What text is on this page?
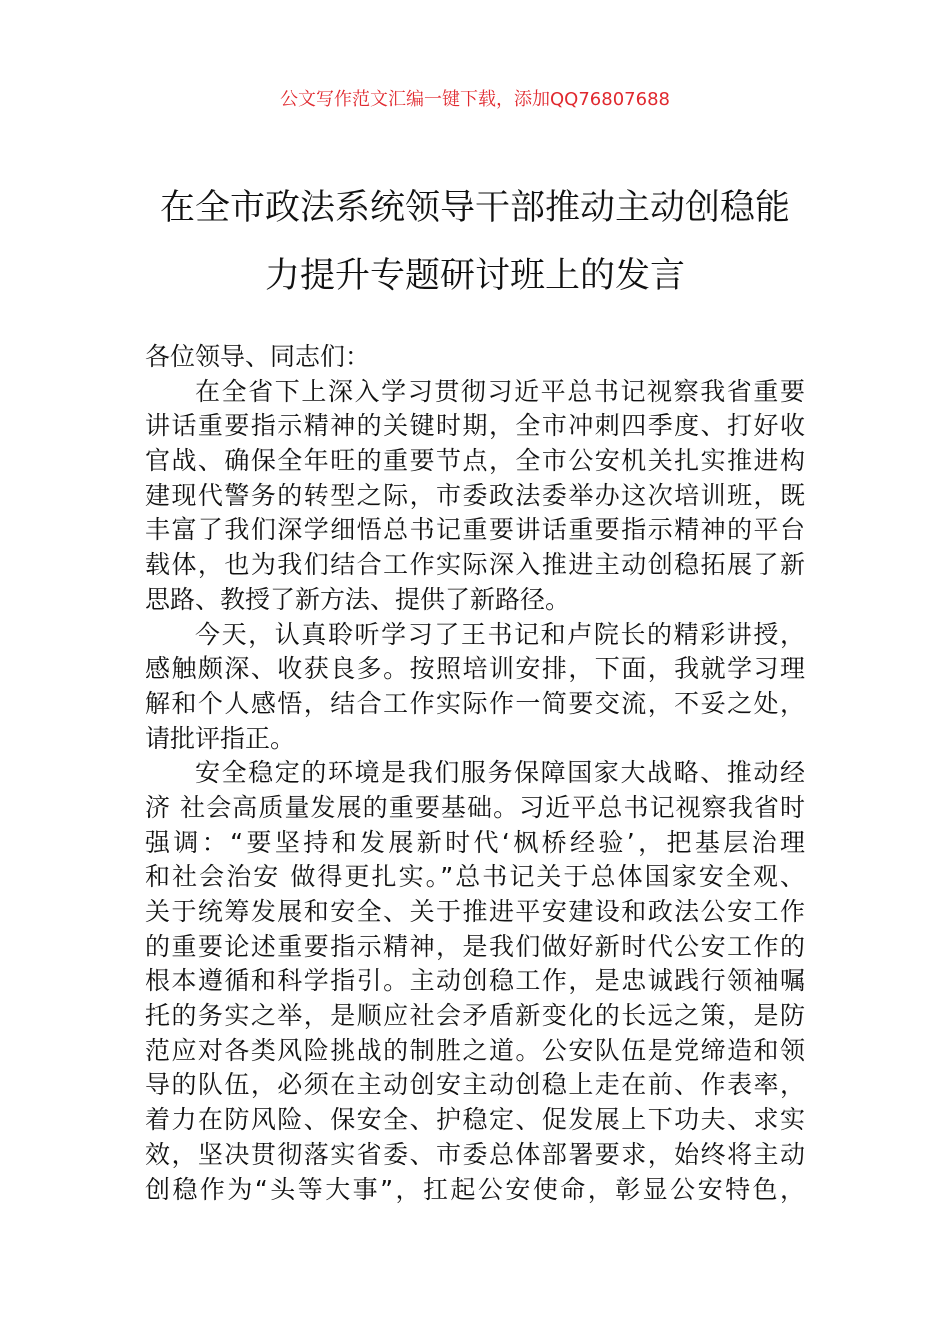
公文写作范文汇编一键下载，添加QQ76807688
在全市政法系统领导干部推动主动创稳能
力提升专题研讨班上的发言
各位领导、同志们：
在全省下上深入学习贯彻习近平总书记视察我省重要
讲话重要指示精神的关键时期，全市冲刺四季度、打好收
官战、确保全年旺的重要节点，全市公安机关扎实推进构
建现代警务的转型之际，市委政法委举办这次培训班，既
丰富了我们深学细悟总书记重要讲话重要指示精神的平台
载体，也为我们结合工作实际深入推进主动创稳拓展了新
思路、教授了新方法、提供了新路径。
今天，认真聆听学习了王书记和卢院长的精彩讲授，
感触颇深、收获良多。按照培训安排，下面，我就学习理
解和个人感悟，结合工作实际作一简要交流，不妥之处，
请批评指正。
安全稳定的环境是我们服务保障国家大战略、推动经
济 社会高质量发展的重要基础。习近平总书记视察我省时
强调：“要坚持和发展新时代‘枫桥经验’，把基层治理
和社会治安 做得更扎实。”总书记关于总体国家安全观、
关于统筹发展和安全、关于推进平安建设和政法公安工作
的重要论述重要指示精神，是我们做好新时代公安工作的
根本遵循和科学指引。主动创稳工作，是忠诚践行领袖嘱
托的务实之举，是顺应社会矛盾新变化的长远之策，是防
范应对各类风险挑战的制胜之道。公安队伍是党缔造和领
导的队伍，必须在主动创安主动创稳上走在前、作表率，
着力在防风险、保安全、护稳定、促发展上下功夫、求实
效，坚决贯彻落实省委、市委总体部署要求，始终将主动
创稳作为“头等大事”，扛起公安使命，彰显公安特色，
